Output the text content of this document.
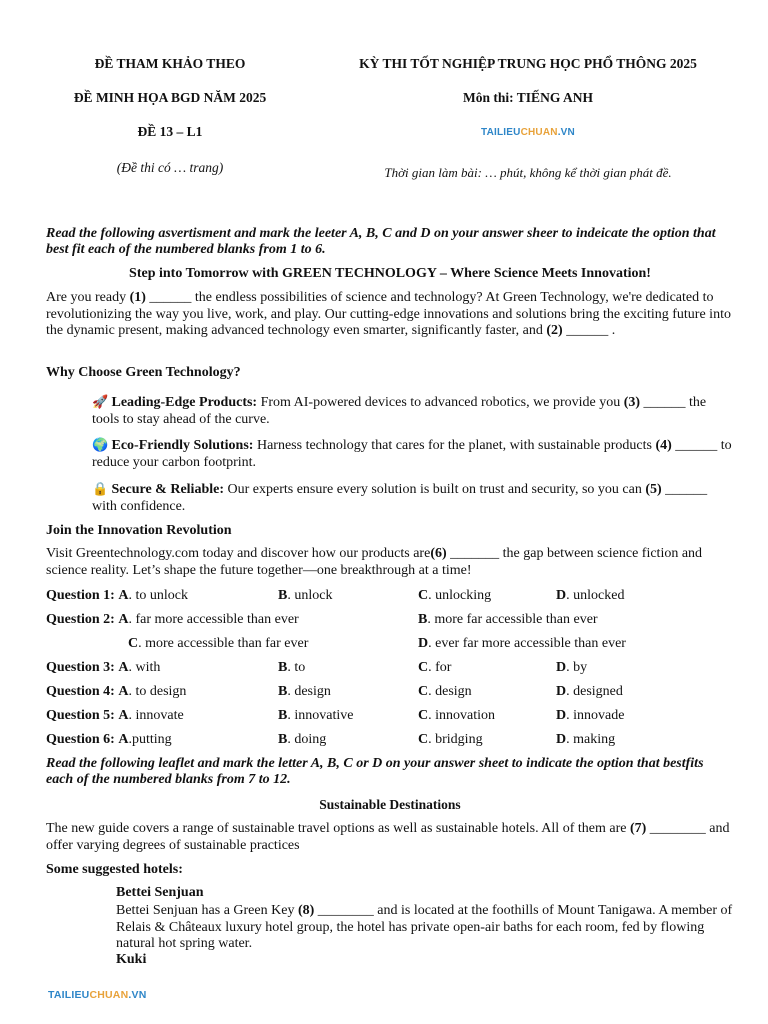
ĐỀ THAM KHẢO THEO
ĐỀ MINH HỌA BGD NĂM 2025
ĐỀ 13 – L1
(Đề thi có … trang)
KỲ THI TỐT NGHIỆP TRUNG HỌC PHỔ THÔNG 2025
Môn thi: TIẾNG ANH
TAILIEUCHUAN.VN
Thời gian làm bài: … phút, không kể thời gian phát đề.
Read the following asvertisment and mark the leeter A, B, C and D on your answer sheer to indeicate the option that best fit each of the numbered blanks from 1 to 6.
Step into Tomorrow with GREEN TECHNOLOGY – Where Science Meets Innovation!
Are you ready (1) ______ the endless possibilities of science and technology? At Green Technology, we're dedicated to revolutionizing the way you live, work, and play. Our cutting-edge innovations and solutions bring the exciting future into the dynamic present, making advanced technology even smarter, significantly faster, and (2) ______ .
Why Choose Green Technology?
🚀 Leading-Edge Products: From AI-powered devices to advanced robotics, we provide you (3) ______ the tools to stay ahead of the curve.
🌍 Eco-Friendly Solutions: Harness technology that cares for the planet, with sustainable products (4) ______ to reduce your carbon footprint.
🔒 Secure & Reliable: Our experts ensure every solution is built on trust and security, so you can (5) ______ with confidence.
Join the Innovation Revolution
Visit Greentechnology.com today and discover how our products are(6) _______ the gap between science fiction and science reality. Let’s shape the future together—one breakthrough at a time!
Question 1: A. to unlock	B. unlock	C. unlocking	D. unlocked
Question 2: A. far more accessible than ever	B. more far accessible than ever
C. more accessible than far ever	D. ever far more accessible than ever
Question 3: A. with	B. to	C. for	D. by
Question 4: A. to design	B. design	C. design	D. designed
Question 5: A. innovate	B. innovative	C. innovation	D. innovade
Question 6: A.putting	B. doing	C. bridging	D. making
Read the following leaflet and mark the letter A, B, C or D on your answer sheet to indicate the option that bestfits each of the numbered blanks from 7 to 12.
Sustainable Destinations
The new guide covers a range of sustainable travel options as well as sustainable hotels. All of them are (7) ________ and offer varying degrees of sustainable practices
Some suggested hotels:
Bettei Senjuan
Bettei Senjuan has a Green Key (8) ________ and is located at the foothills of Mount Tanigawa. A member of Relais & Châteaux luxury hotel group, the hotel has private open-air baths for each room, fed by flowing natural hot spring water.
Kuki
TAILIEUCHUAN.VN
